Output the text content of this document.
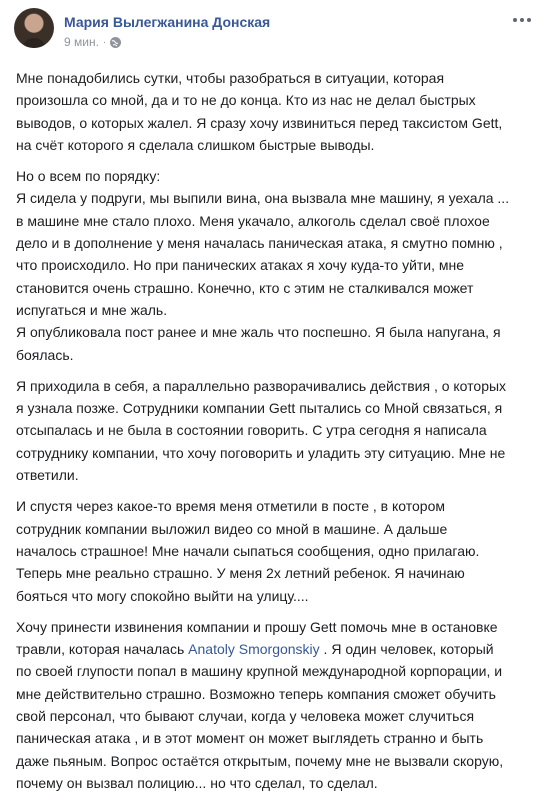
Мария Вылегжанина Донская
9 мин. ·

Мне понадобились сутки, чтобы разобраться в ситуации, которая
произошла со мной, да и то не до конца. Кто из нас не делал быстрых
выводов, о которых жалел. Я сразу хочу извиниться перед таксистом Gett,
на счёт которого я сделала слишком быстрые выводы.

Но о всем по порядку:
Я сидела у подруги, мы выпили вина, она вызвала мне машину, я уехала ...
в машине мне стало плохо. Меня укачало, алкоголь сделал своё плохое
дело и в дополнение у меня началась паническая атака, я смутно помню ,
что происходило. Но при панических атаках я хочу куда-то уйти, мне
становится очень страшно. Конечно, кто с этим не сталкивался может
испугаться и мне жаль.
Я опубликовала пост ранее и мне жаль что поспешно. Я была напугана, я
боялась.

Я приходила в себя, а параллельно разворачивались действия , о которых
я узнала позже. Сотрудники компании Gett пытались со Мной связаться, я
отсыпалась и не была в состоянии говорить. С утра сегодня я написала
сотруднику компании, что хочу поговорить и уладить эту ситуацию. Мне не
ответили.

И спустя через какое-то время меня отметили в посте , в котором
сотрудник компании выложил видео со мной в машине. А дальше
началось страшное! Мне начали сыпаться сообщения, одно прилагаю.
Теперь мне реально страшно. У меня 2х летний ребенок. Я начинаю
бояться что могу спокойно выйти на улицу....

Хочу принести извинения компании и прошу Gett помочь мне в остановке
травли, которая началась Anatoly Smorgonskiy . Я один человек, который
по своей глупости попал в машину крупной международной корпорации, и
мне действительно страшно. Возможно теперь компания сможет обучить
свой персонал, что бывают случаи, когда у человека может случиться
паническая атака , и в этот момент он может выглядеть странно и быть
даже пьяным. Вопрос остаётся открытым, почему мне не вызвали скорую,
почему он вызвал полицию... но что сделал, то сделал.
